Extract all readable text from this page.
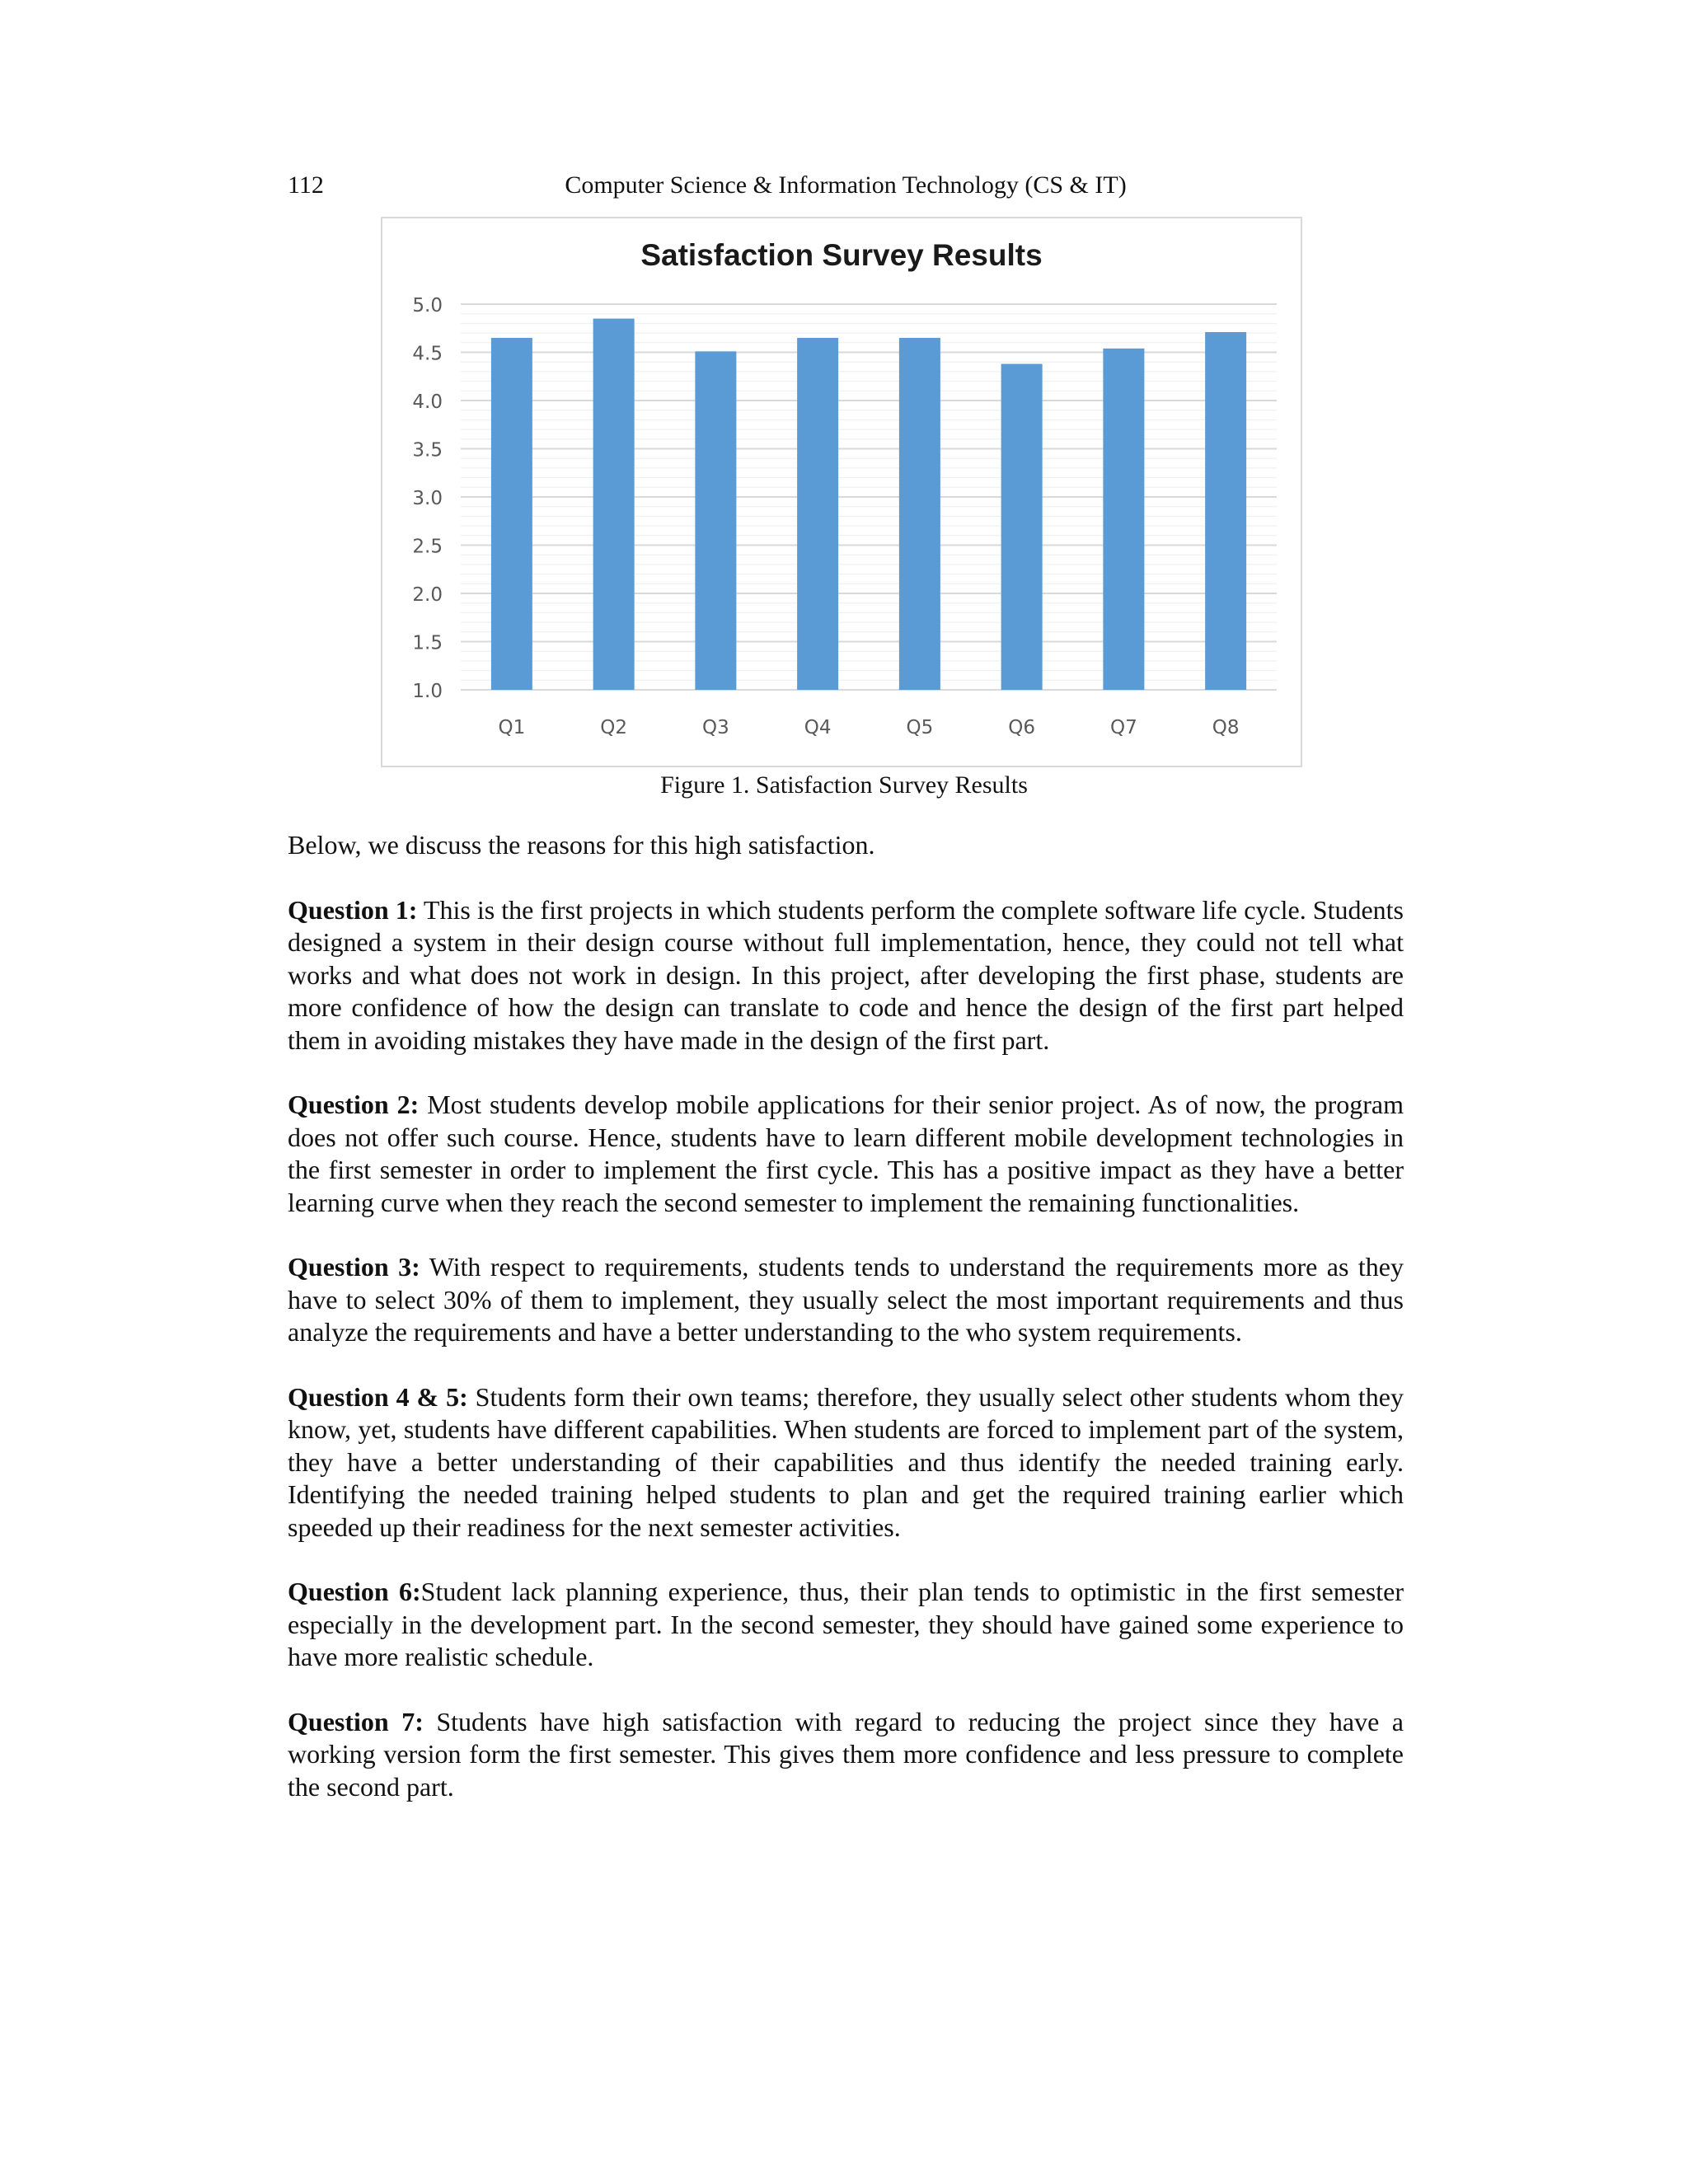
112	Computer Science & Information Technology (CS & IT)
Satisfaction Survey Results
1.0
1.5
2.0
2.5
3.0
3.5
4.0
4.5
5.0
Q1	Q2	Q3	Q4	Q5	Q6	Q7	Q8
Figure 1. Satisfaction Survey Results

Below, we discuss the reasons for this high satisfaction.

Question 1: This is the first projects in which students perform the complete software life cycle. Students designed a system in their design course without full implementation, hence, they could not tell what works and what does not work in design. In this project, after developing the first phase, students are more confidence of how the design can translate to code and hence the design of the first part helped them in avoiding mistakes they have made in the design of the first part.

Question 2: Most students develop mobile applications for their senior project. As of now, the program does not offer such course. Hence, students have to learn different mobile development technologies in the first semester in order to implement the first cycle. This has a positive impact as they have a better learning curve when they reach the second semester to implement the remaining functionalities.

Question 3: With respect to requirements, students tends to understand the requirements more as they have to select 30% of them to implement, they usually select the most important requirements and thus analyze the requirements and have a better understanding to the who system requirements.

Question 4 & 5: Students form their own teams; therefore, they usually select other students whom they know, yet, students have different capabilities. When students are forced to implement part of the system, they have a better understanding of their capabilities and thus identify the needed training early. Identifying the needed training helped students to plan and get the required training earlier which speeded up their readiness for the next semester activities.

Question 6:Student lack planning experience, thus, their plan tends to optimistic in the first semester especially in the development part. In the second semester, they should have gained some experience to have more realistic schedule.

Question 7: Students have high satisfaction with regard to reducing the project since they have a working version form the first semester. This gives them more confidence and less pressure to complete the second part.
